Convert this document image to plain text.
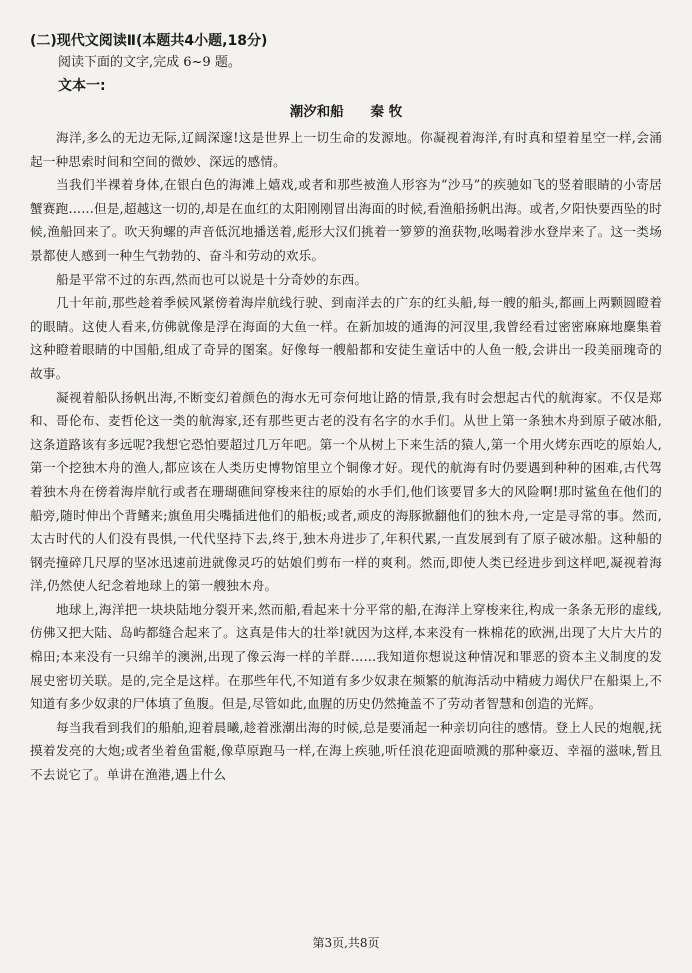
(二)现代文阅读Ⅱ(本题共4小题,18分)
阅读下面的文字,完成 6~9 题。
文本一:
潮汐和船 秦 牧

海洋,多么的无边无际,辽阔深邃!这是世界上一切生命的发源地。你凝视着海洋,有时真和望着星空一样,会涌起一种思索时间和空间的微妙、深远的感情。

当我们半裸着身体,在银白色的海滩上嬉戏,或者和那些被渔人形容为“沙马”的疾驰如飞的竖着眼睛的小寄居蟹赛跑……但是,超越这一切的,却是在血红的太阳刚刚冒出海面的时候,看渔船扬帆出海。或者,夕阳快要西坠的时候,渔船回来了。吹天狗螺的声音低沉地播送着,彪形大汉们挑着一箩箩的渔获物,吆喝着涉水登岸来了。这一类场景都使人感到一种生气勃勃的、奋斗和劳动的欢乐。

船是平常不过的东西,然而也可以说是十分奇妙的东西。

几十年前,那些趁着季候风紧傍着海岸航线行驶、到南洋去的广东的红头船,每一艘的船头,都画上两颗圆瞪着的眼睛。这使人看来,仿佛就像是浮在海面的大鱼一样。在新加坡的通海的河汊里,我曾经看过密密麻麻地麇集着这种瞪着眼睛的中国船,组成了奇异的图案。好像每一艘船都和安徒生童话中的人鱼一般,会讲出一段美丽瑰奇的故事。

凝视着船队扬帆出海,不断变幻着颜色的海水无可奈何地让路的情景,我有时会想起古代的航海家。不仅是郑和、哥伦布、麦哲伦这一类的航海家,还有那些更古老的没有名字的水手们。从世上第一条独木舟到原子破冰船,这条道路该有多远呢?我想它恐怕要超过几万年吧。第一个从树上下来生活的猿人,第一个用火烤东西吃的原始人,第一个挖独木舟的渔人,都应该在人类历史博物馆里立个铜像才好。现代的航海有时仍要遇到种种的困难,古代驾着独木舟在傍着海岸航行或者在珊瑚礁间穿梭来往的原始的水手们,他们该要冒多大的风险啊!那时鲨鱼在他们的船旁,随时伸出个背鳍来;旗鱼用尖嘴插进他们的船板;或者,顽皮的海豚掀翻他们的独木舟,一定是寻常的事。然而,太古时代的人们没有畏惧,一代代坚持下去,终于,独木舟进步了,年积代累,一直发展到有了原子破冰船。这种船的钢壳撞碎几尺厚的坚冰迅速前进就像灵巧的姑娘们剪布一样的爽利。然而,即使人类已经进步到这样吧,凝视着海洋,仍然使人纪念着地球上的第一艘独木舟。

地球上,海洋把一块块陆地分裂开来,然而船,看起来十分平常的船,在海洋上穿梭来往,构成一条条无形的虚线,仿佛又把大陆、岛屿都缝合起来了。这真是伟大的壮举!就因为这样,本来没有一株棉花的欧洲,出现了大片大片的棉田;本来没有一只绵羊的澳洲,出现了像云海一样的羊群……我知道你想说这种情况和罪恶的资本主义制度的发展史密切关联。是的,完全是这样。在那些年代,不知道有多少奴隶在频繁的航海活动中精疲力竭伏尸在船渠上,不知道有多少奴隶的尸体填了鱼腹。但是,尽管如此,血腥的历史仍然掩盖不了劳动者智慧和创造的光辉。

每当我看到我们的船舶,迎着晨曦,趁着涨潮出海的时候,总是要涌起一种亲切向往的感情。登上人民的炮舰,抚摸着发亮的大炮;或者坐着鱼雷艇,像草原跑马一样,在海上疾驰,听任浪花迎面喷溅的那种豪迈、幸福的滋味,暂且不去说它了。单讲在渔港,遇上什么

第3页,共8页
